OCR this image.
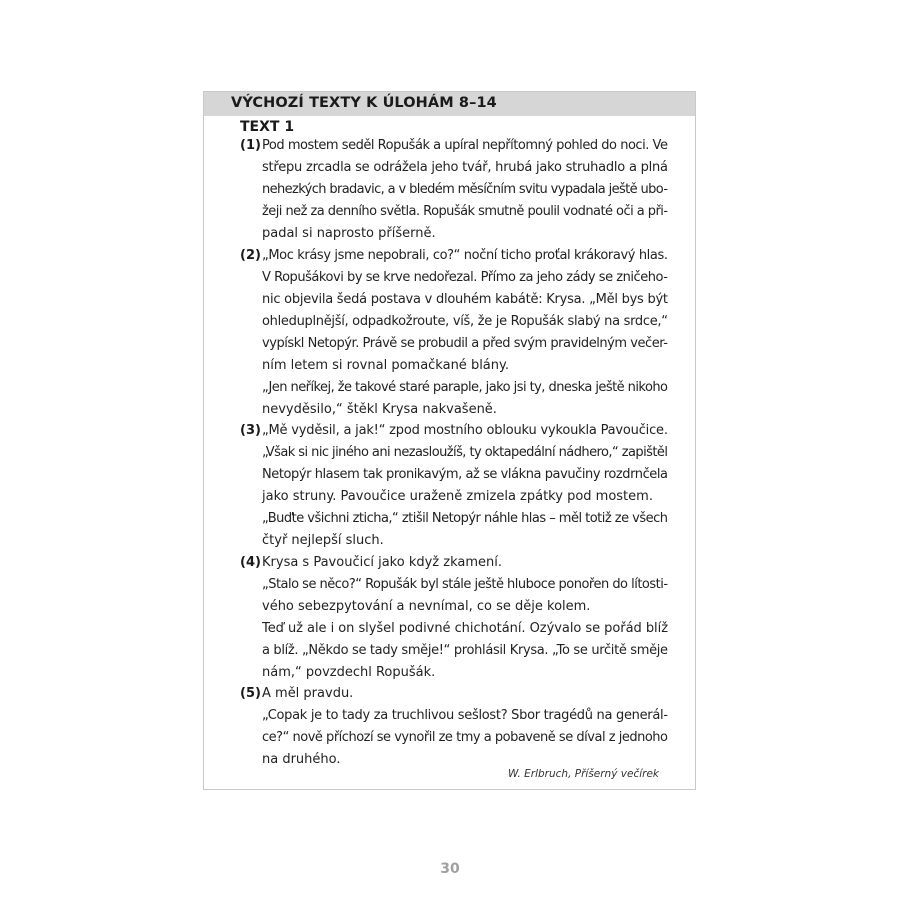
VÝCHOZÍ TEXTY K ÚLOHÁM 8–14
TEXT 1
(1) Pod mostem seděl Ropušák a upíral nepřítomný pohled do noci. Ve
střepu zrcadla se odrážela jeho tvář, hrubá jako struhadlo a plná
nehezkých bradavic, a v bledém měsíčním svitu vypadala ještě ubo-
žeji než za denního světla. Ropušák smutně poulil vodnaté oči a při-
padal si naprosto příšerně.
(2) „Moc krásy jsme nepobrali, co?“ noční ticho proťal krákoravý hlas.
V Ropušákovi by se krve nedořezal. Přímo za jeho zády se zničeho-
nic objevila šedá postava v dlouhém kabátě: Krysa. „Měl bys být
ohleduplnější, odpadkožroute, víš, že je Ropušák slabý na srdce,“
vypískl Netopýr. Právě se probudil a před svým pravidelným večer-
ním letem si rovnal pomačkané blány.
„Jen neříkej, že takové staré paraple, jako jsi ty, dneska ještě nikoho
nevyděsilo,“ štěkl Krysa nakvašeně.
(3) „Mě vyděsil, a jak!“ zpod mostního oblouku vykoukla Pavoučice.
„Však si nic jiného ani nezasloužíš, ty oktapedální nádhero,“ zapištěl
Netopýr hlasem tak pronikavým, až se vlákna pavučiny rozdrnčela
jako struny. Pavoučice uraženě zmizela zpátky pod mostem.
„Buďte všichni zticha,“ ztišil Netopýr náhle hlas – měl totiž ze všech
čtyř nejlepší sluch.
(4) Krysa s Pavoučicí jako když zkamení.
„Stalo se něco?“ Ropušák byl stále ještě hluboce ponořen do lítosti-
vého sebezpytování a nevnímal, co se děje kolem.
Teď už ale i on slyšel podivné chichotání. Ozývalo se pořád blíž
a blíž. „Někdo se tady směje!“ prohlásil Krysa. „To se určitě směje
nám,“ povzdechl Ropušák.
(5) A měl pravdu.
„Copak je to tady za truchlivou sešlost? Sbor tragédů na generál-
ce?“ nově příchozí se vynořil ze tmy a pobaveně se díval z jednoho
na druhého.
W. Erlbruch, Příšerný večírek
30
